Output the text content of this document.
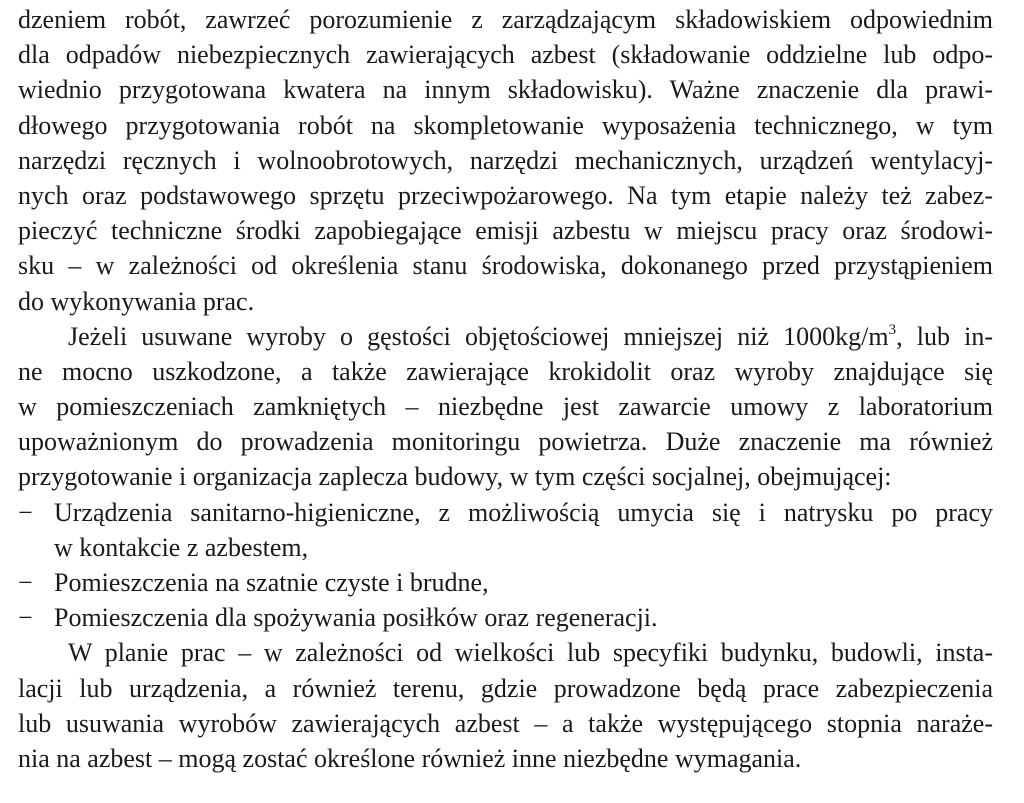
dzeniem robót, zawrzeć porozumienie z zarządzającym składowiskiem odpowiednim
dla odpadów niebezpiecznych zawierających azbest (składowanie oddzielne lub odpo-
wiednio przygotowana kwatera na innym składowisku). Ważne znaczenie dla prawi-
dłowego przygotowania robót na skompletowanie wyposażenia technicznego, w tym
narzędzi ręcznych i wolnoobrotowych, narzędzi mechanicznych, urządzeń wentylacyj-
nych oraz podstawowego sprzętu przeciwpożarowego. Na tym etapie należy też zabez-
pieczyć techniczne środki zapobiegające emisji azbestu w miejscu pracy oraz środowi-
sku – w zależności od określenia stanu środowiska, dokonanego przed przystąpieniem
do wykonywania prac.
Jeżeli usuwane wyroby o gęstości objętościowej mniejszej niż $1000kg/m^3$, lub in-
ne mocno uszkodzone, a także zawierające krokidolit oraz wyroby znajdujące się
w pomieszczeniach zamkniętych – niezbędne jest zawarcie umowy z laboratorium
upoważnionym do prowadzenia monitoringu powietrza. Duże znaczenie ma również
przygotowanie i organizacja zaplecza budowy, w tym części socjalnej, obejmującej:
− Urządzenia sanitarno-higieniczne, z możliwością umycia się i natrysku po pracy
w kontakcie z azbestem,
− Pomieszczenia na szatnie czyste i brudne,
− Pomieszczenia dla spożywania posiłków oraz regeneracji.
W planie prac – w zależności od wielkości lub specyfiki budynku, budowli, insta-
lacji lub urządzenia, a również terenu, gdzie prowadzone będą prace zabezpieczenia
lub usuwania wyrobów zawierających azbest – a także występującego stopnia naraże-
nia na azbest – mogą zostać określone również inne niezbędne wymagania.
